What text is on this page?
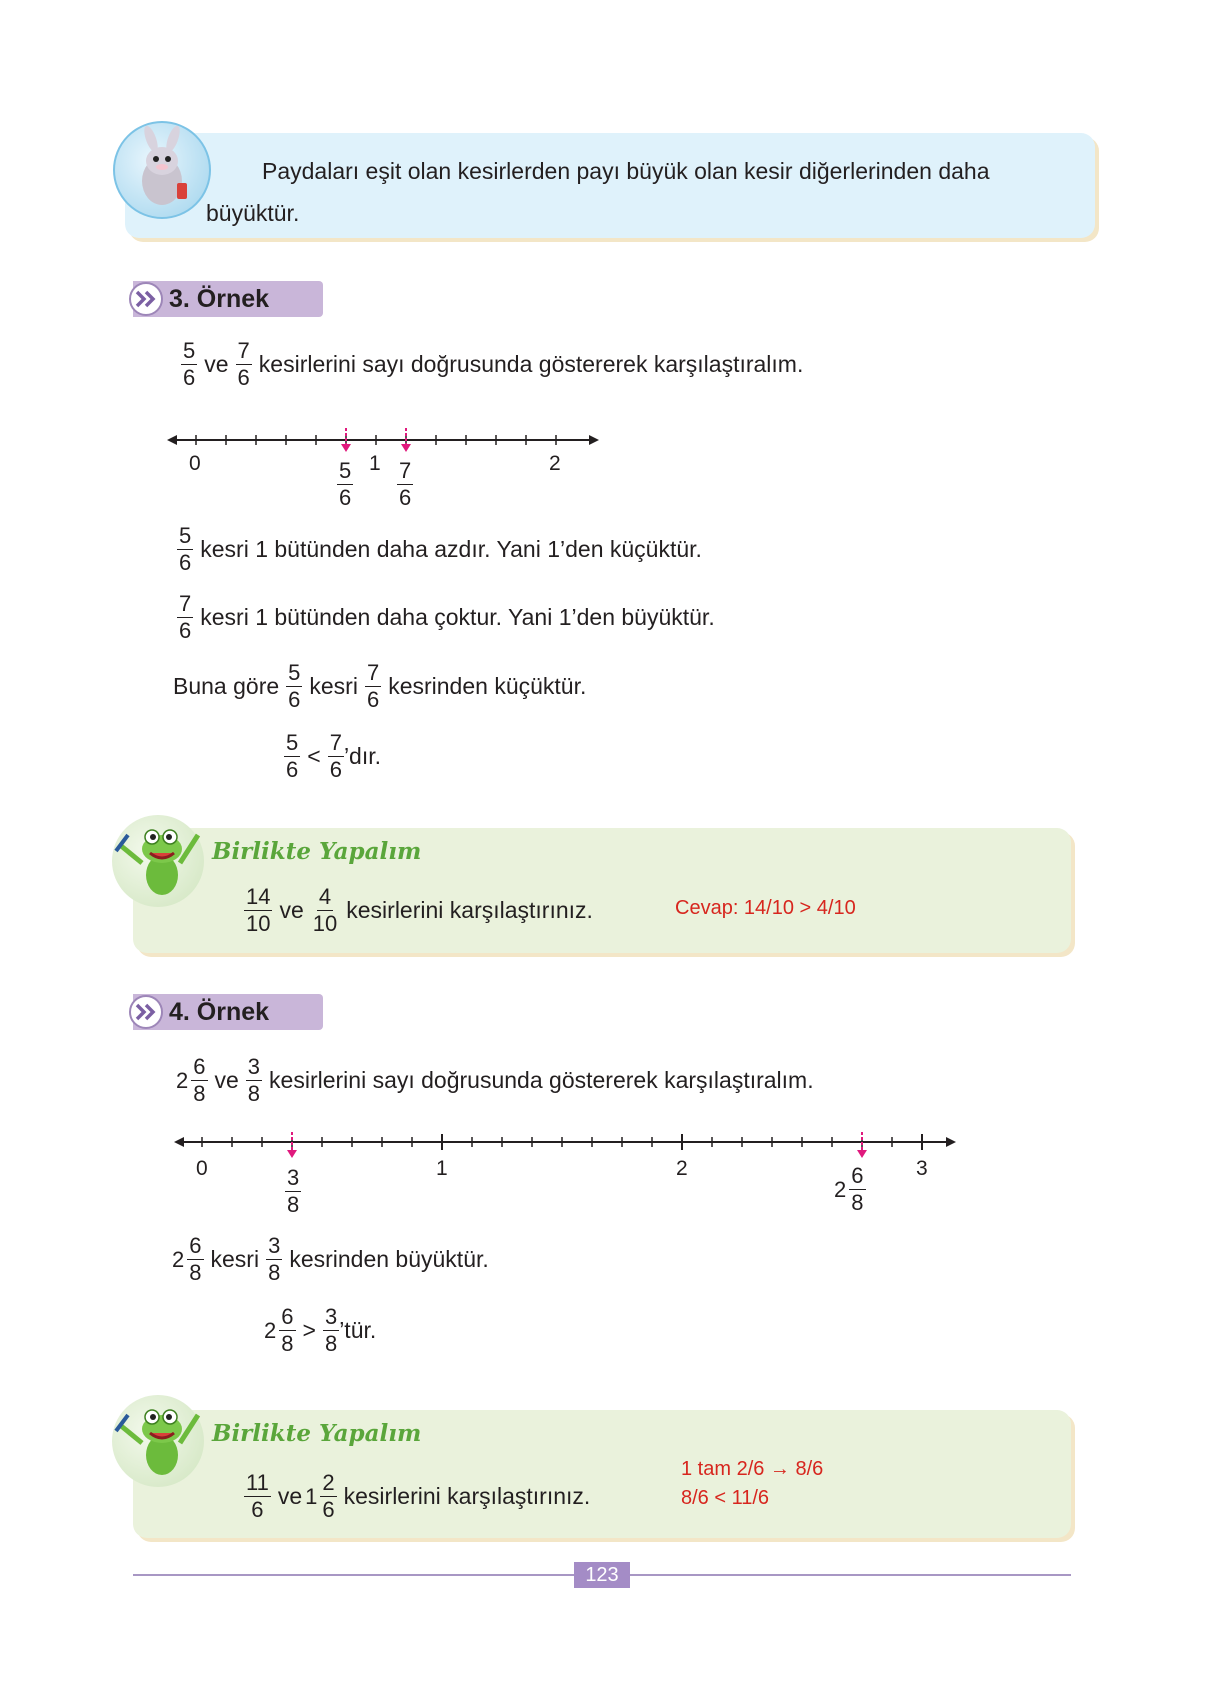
Paydaları eşit olan kesirlerden payı büyük olan kesir diğerlerinden daha
büyüktür.
3. Örnek
$\frac{5}{6}$ ve $\frac{7}{6}$ kesirlerini sayı doğrusunda göstererek karşılaştıralım.
0	1	2
$\frac{5}{6} \frac{7}{6}$
$\frac{5}{6}$ kesri 1 bütünden daha azdır. Yani 1’den küçüktür.
$\frac{7}{6}$ kesri 1 bütünden daha çoktur. Yani 1’den büyüktür.
Buna göre $\frac{5}{6}$ kesri $\frac{7}{6}$ kesrinden küçüktür.
$\frac{5}{6} < \frac{7}{6}$ ’dır.
Birlikte Yapalım
$\frac{14}{10}$ ve $\frac{4}{10}$ kesirlerini karşılaştırınız.	Cevap: 14/10 > 4/10
4. Örnek
$2 \frac{6}{8}$ ve $\frac{3}{8}$ kesirlerini sayı doğrusunda göstererek karşılaştıralım.
0	1	2	3
$\frac{3}{8}$	$2 \frac{6}{8}$
$2 \frac{6}{8}$ kesri $\frac{3}{8}$ kesrinden büyüktür.
$2 \frac{6}{8} > \frac{3}{8}$ ’tür.
Birlikte Yapalım
$\frac{11}{6}$ ve $1 \frac{2}{6}$ kesirlerini karşılaştırınız.
1 tam 2/6 → 8/6
8/6 < 11/6
123
